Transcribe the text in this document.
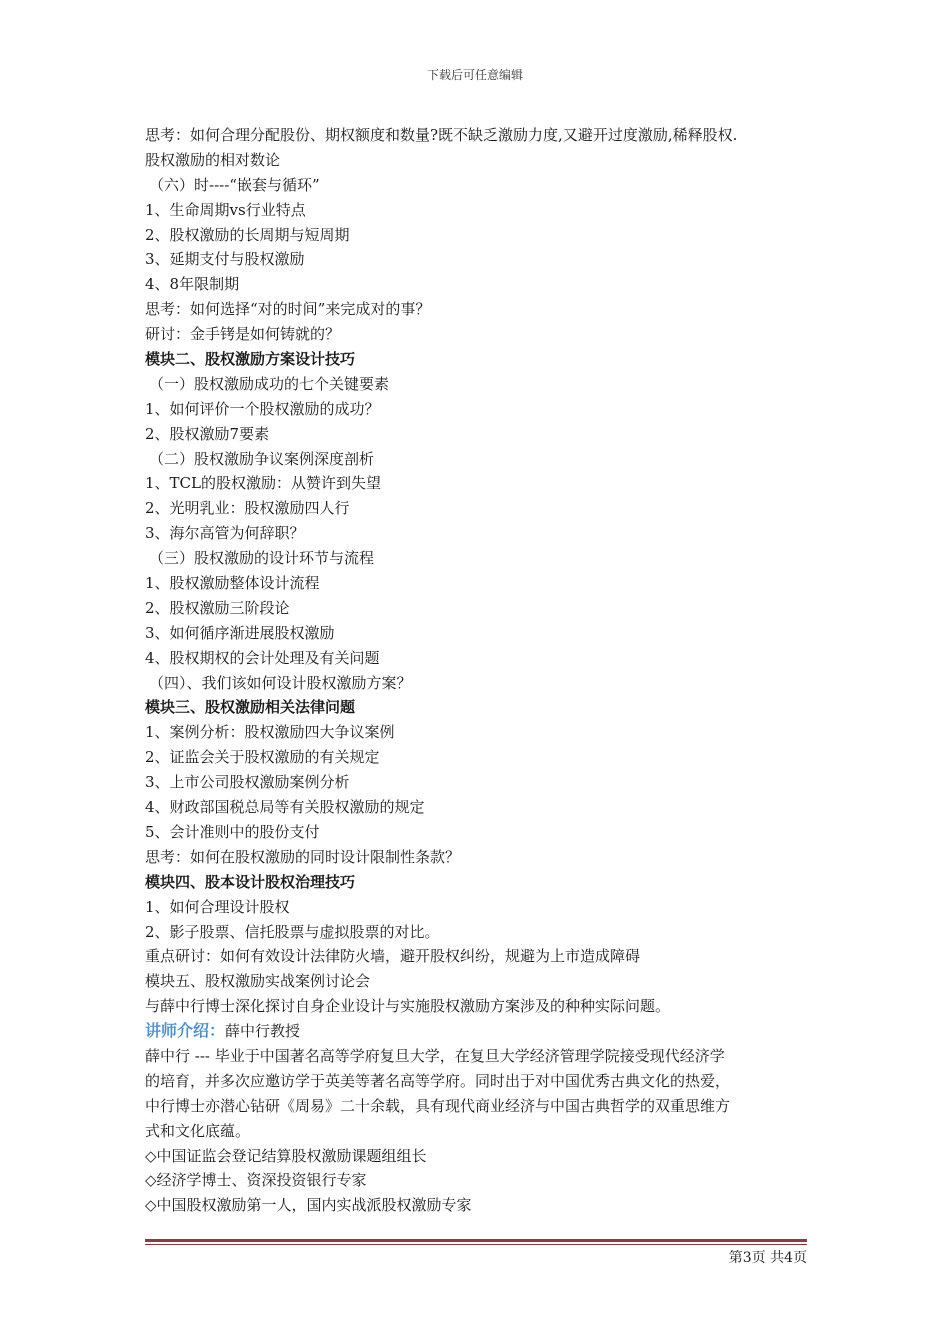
下载后可任意编辑
思考：如何合理分配股份、期权额度和数量?既不缺乏激励力度,又避开过度激励,稀释股权.
股权激励的相对数论
（六）时----“嵌套与循环”
1、生命周期vs行业特点
2、股权激励的长周期与短周期
3、延期支付与股权激励
4、8年限制期
思考：如何选择“对的时间”来完成对的事？
研讨：金手铐是如何铸就的？
模块二、股权激励方案设计技巧
（一）股权激励成功的七个关键要素
1、如何评价一个股权激励的成功？
2、股权激励7要素
（二）股权激励争议案例深度剖析
1、TCL的股权激励：从赞许到失望
2、光明乳业：股权激励四人行
3、海尔高管为何辞职？
（三）股权激励的设计环节与流程
1、股权激励整体设计流程
2、股权激励三阶段论
3、如何循序渐进展股权激励
4、股权期权的会计处理及有关问题
（四）、我们该如何设计股权激励方案？
模块三、股权激励相关法律问题
1、案例分析：股权激励四大争议案例
2、证监会关于股权激励的有关规定
3、上市公司股权激励案例分析
4、财政部国税总局等有关股权激励的规定
5、会计准则中的股份支付
思考：如何在股权激励的同时设计限制性条款？
模块四、股本设计股权治理技巧
1、如何合理设计股权
2、影子股票、信托股票与虚拟股票的对比。
重点研讨：如何有效设计法律防火墙，避开股权纠纷，规避为上市造成障碍
模块五、股权激励实战案例讨论会
与薛中行博士深化探讨自身企业设计与实施股权激励方案涉及的种种实际问题。
讲师介绍：薛中行教授
薛中行 --- 毕业于中国著名高等学府复旦大学，在复旦大学经济管理学院接受现代经济学
的培育，并多次应邀访学于英美等著名高等学府。同时出于对中国优秀古典文化的热爱，
中行博士亦潜心钻研《周易》二十余载，具有现代商业经济与中国古典哲学的双重思维方
式和文化底蕴。
◇中国证监会登记结算股权激励课题组组长
◇经济学博士、资深投资银行专家
◇中国股权激励第一人，国内实战派股权激励专家
第3页 共4页
